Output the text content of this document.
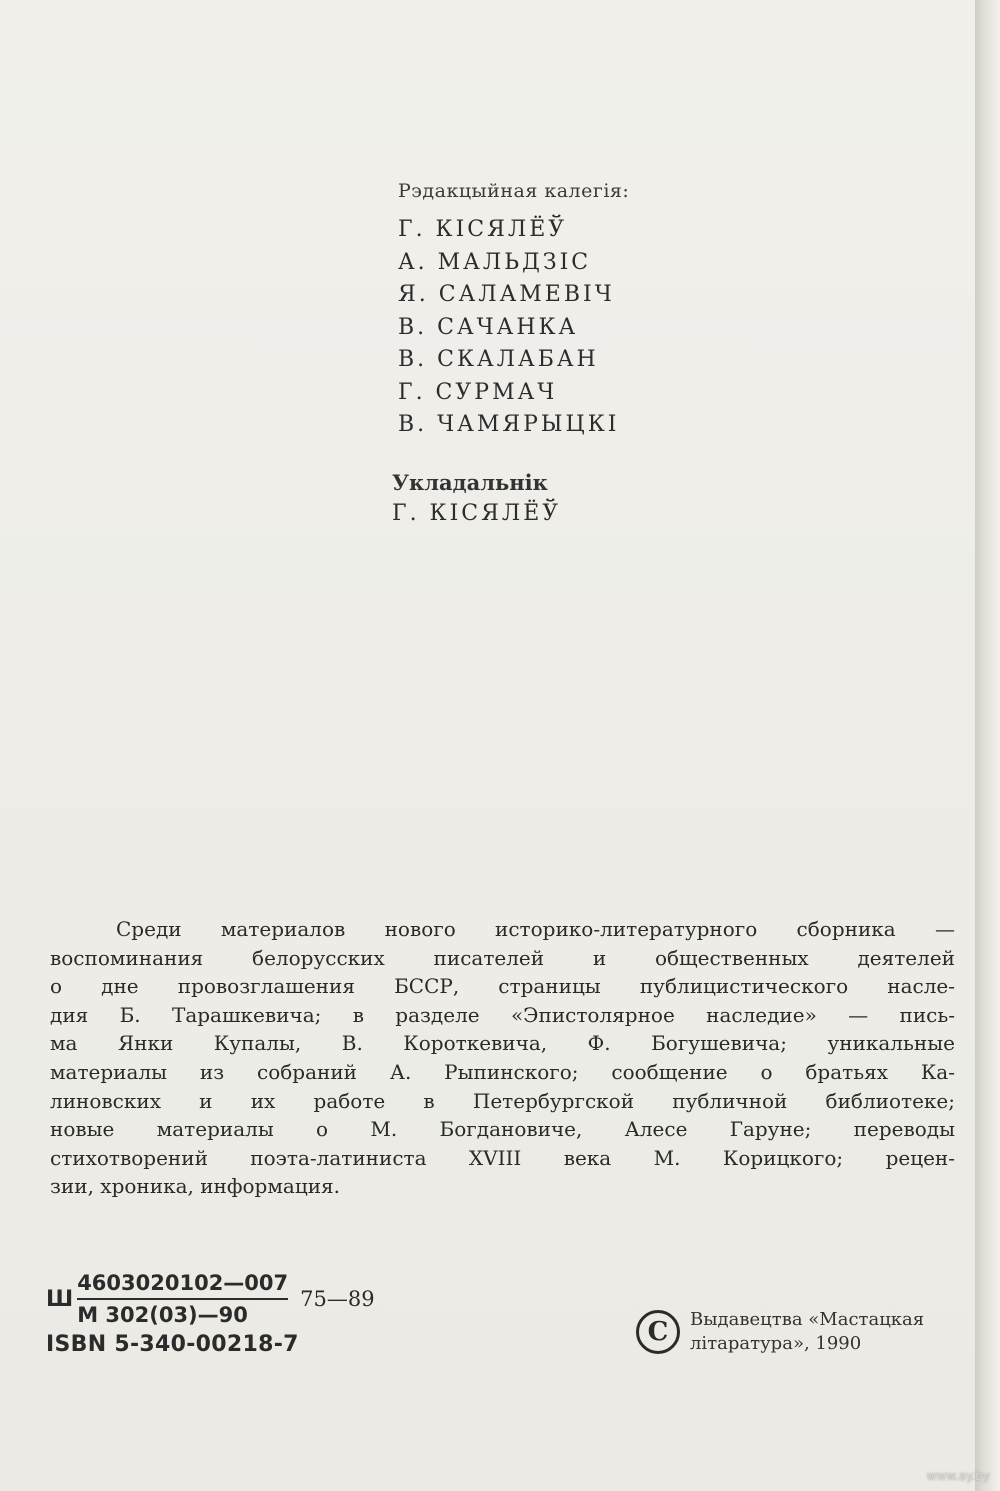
Рэдакцыйная калегія:
Г. КІСЯЛЁЎ
А. МАЛЬДЗІС
Я. САЛАМЕВІЧ
В. САЧАНКА
В. СКАЛАБАН
Г. СУРМАЧ
В. ЧАМЯРЫЦКІ
Укладальнік
Г. КІСЯЛЁЎ
Среди материалов нового историко-литературного сборника —
воспоминания белорусских писателей и общественных деятелей
о дне провозглашения БССР, страницы публицистического насле-
дия Б. Тарашкевича; в разделе «Эпистолярное наследие» — пись-
ма Янки Купалы, В. Короткевича, Ф. Богушевича; уникальные
материалы из собраний А. Рыпинского; сообщение о братьях Ка-
линовских и их работе в Петербургской публичной библиотеке;
новые материалы о М. Богдановиче, Алесе Гаруне; переводы
стихотворений поэта-латиниста XVIII века М. Корицкого; рецен-
зии, хроника, информация.
Ш $\frac{4603020102—007}{М 302(03)—90}$ 75—89
ISBN 5-340-00218-7	C	Выдавецтва «Мастацкая
літаратура», 1990
www.ay.by
